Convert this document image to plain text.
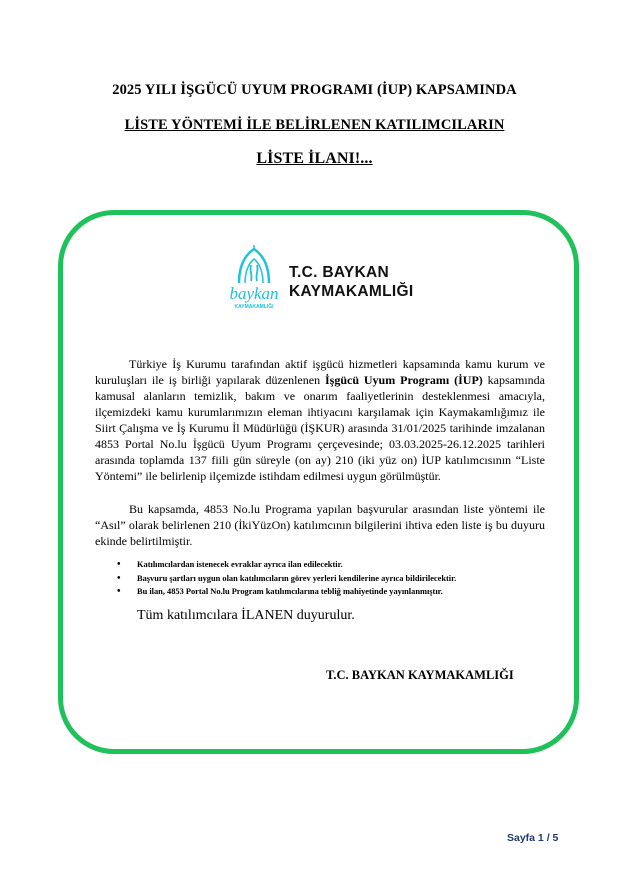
2025 YILI İŞGÜCÜ UYUM PROGRAMI (İUP) KAPSAMINDA
LİSTE YÖNTEMİ İLE BELİRLENEN KATILIMCILARIN
LİSTE İLANI!...
baykan
KAYMAKAMLIĞI
T.C. BAYKAN
KAYMAKAMLIĞI
Türkiye İş Kurumu tarafından aktif işgücü hizmetleri kapsamında kamu kurum ve kuruluşları ile iş birliği yapılarak düzenlenen İşgücü Uyum Programı (İUP) kapsamında kamusal alanların temizlik, bakım ve onarım faaliyetlerinin desteklenmesi amacıyla, ilçemizdeki kamu kurumlarımızın eleman ihtiyacını karşılamak için Kaymakamlığımız ile Siirt Çalışma ve İş Kurumu İl Müdürlüğü (İŞKUR) arasında 31/01/2025 tarihinde imzalanan 4853 Portal No.lu İşgücü Uyum Programı çerçevesinde; 03.03.2025-26.12.2025 tarihleri arasında toplamda 137 fiili gün süreyle (on ay) 210 (iki yüz on) İUP katılımcısının “Liste Yöntemi” ile belirlenip ilçemizde istihdam edilmesi uygun görülmüştür.
Bu kapsamda, 4853 No.lu Programa yapılan başvurular arasından liste yöntemi ile “Asıl” olarak belirlenen 210 (İkiYüzOn) katılımcının bilgilerini ihtiva eden liste iş bu duyuru ekinde belirtilmiştir.
• Katılımcılardan istenecek evraklar ayrıca ilan edilecektir.
• Başvuru şartları uygun olan katılımcıların görev yerleri kendilerine ayrıca bildirilecektir.
• Bu ilan, 4853 Portal No.lu Program katılımcılarına tebliğ mahiyetinde yayınlanmıştır.
Tüm katılımcılara İLANEN duyurulur.
T.C. BAYKAN KAYMAKAMLIĞI
Sayfa 1 / 5
